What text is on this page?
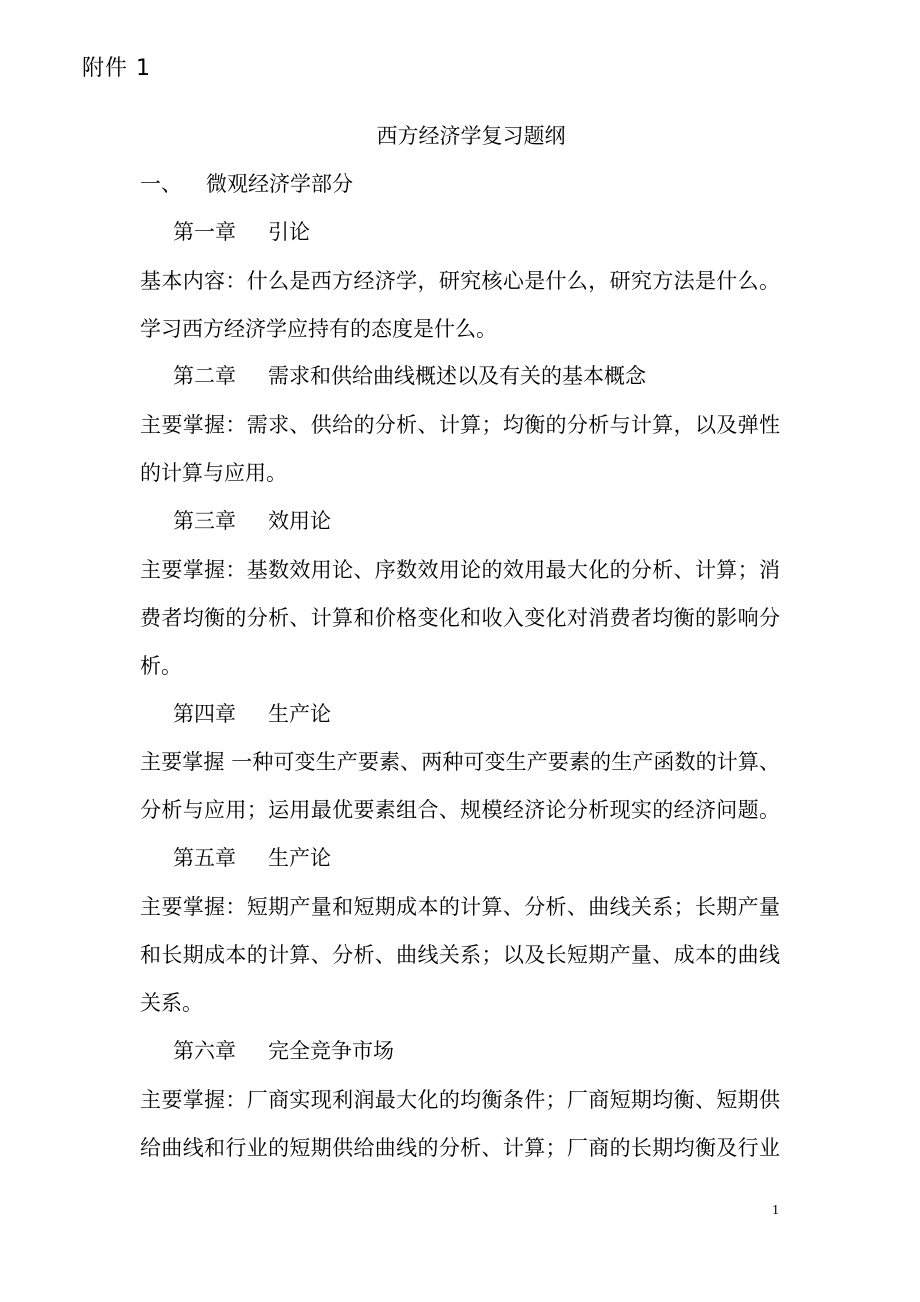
附件 1
西方经济学复习题纲
一、 微观经济学部分
第一章 引论
基本内容：什么是西方经济学，研究核心是什么，研究方法是什么。
学习西方经济学应持有的态度是什么。
第二章 需求和供给曲线概述以及有关的基本概念
主要掌握：需求、供给的分析、计算；均衡的分析与计算，以及弹性
的计算与应用。
第三章 效用论
主要掌握：基数效用论、序数效用论的效用最大化的分析、计算；消
费者均衡的分析、计算和价格变化和收入变化对消费者均衡的影响分
析。
第四章 生产论
主要掌握 一种可变生产要素、两种可变生产要素的生产函数的计算、
分析与应用；运用最优要素组合、规模经济论分析现实的经济问题。
第五章 生产论
主要掌握：短期产量和短期成本的计算、分析、曲线关系；长期产量
和长期成本的计算、分析、曲线关系；以及长短期产量、成本的曲线
关系。
第六章 完全竞争市场
主要掌握：厂商实现利润最大化的均衡条件；厂商短期均衡、短期供
给曲线和行业的短期供给曲线的分析、计算；厂商的长期均衡及行业
1
